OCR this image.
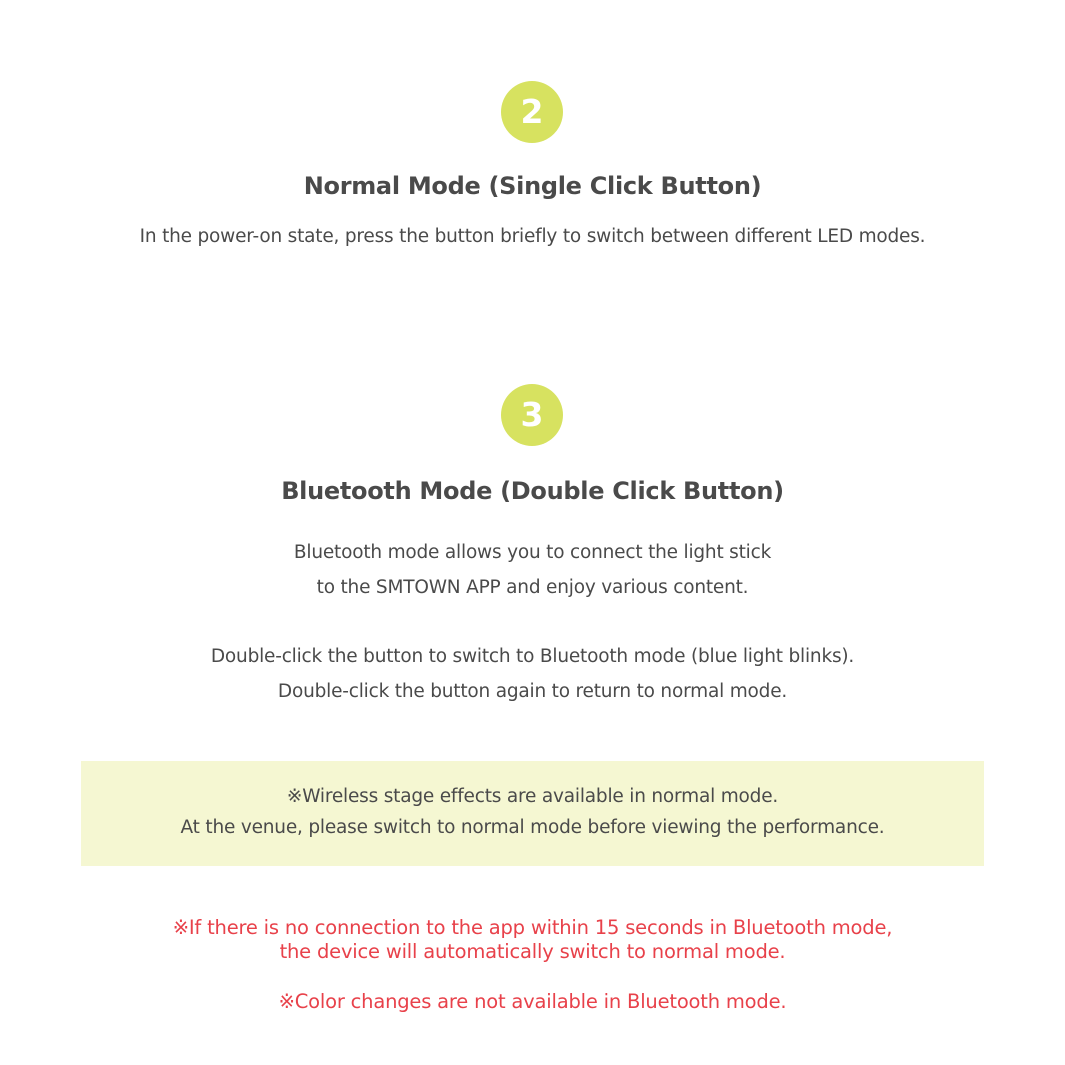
2
Normal Mode (Single Click Button)
In the power-on state, press the button briefly to switch between different LED modes.
3
Bluetooth Mode (Double Click Button)
Bluetooth mode allows you to connect the light stick
to the SMTOWN APP and enjoy various content.
Double-click the button to switch to Bluetooth mode (blue light blinks).
Double-click the button again to return to normal mode.
※Wireless stage effects are available in normal mode.
At the venue, please switch to normal mode before viewing the performance.
※If there is no connection to the app within 15 seconds in Bluetooth mode,
the device will automatically switch to normal mode.
※Color changes are not available in Bluetooth mode.
